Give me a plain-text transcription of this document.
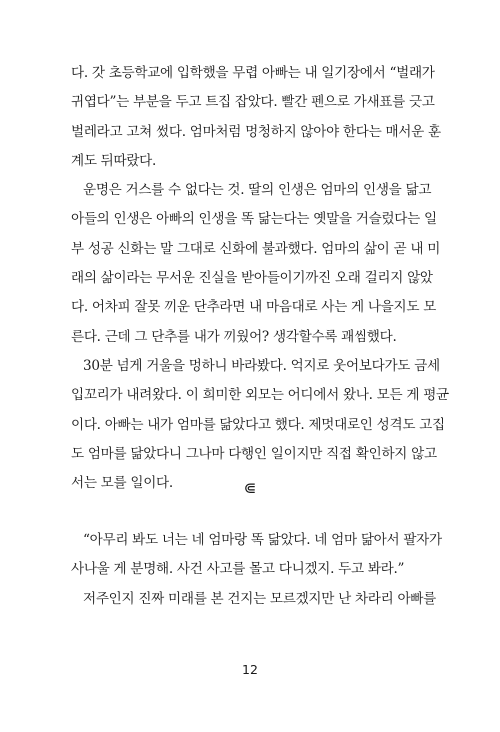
다. 갓 초등학교에 입학했을 무렵 아빠는 내 일기장에서 “벌래가
귀엽다”는 부분을 두고 트집 잡았다. 빨간 펜으로 가새표를 긋고
벌레라고 고쳐 썼다. 엄마처럼 멍청하지 않아야 한다는 매서운 훈
계도 뒤따랐다.
운명은 거스를 수 없다는 것. 딸의 인생은 엄마의 인생을 닮고
아들의 인생은 아빠의 인생을 똑 닮는다는 옛말을 거슬렀다는 일
부 성공 신화는 말 그대로 신화에 불과했다. 엄마의 삶이 곧 내 미
래의 삶이라는 무서운 진실을 받아들이기까진 오래 걸리지 않았
다. 어차피 잘못 끼운 단추라면 내 마음대로 사는 게 나을지도 모
른다. 근데 그 단추를 내가 끼웠어? 생각할수록 괘씸했다.
30분 넘게 거울을 멍하니 바라봤다. 억지로 웃어보다가도 금세
입꼬리가 내려왔다. 이 희미한 외모는 어디에서 왔나. 모든 게 평균
이다. 아빠는 내가 엄마를 닮았다고 했다. 제멋대로인 성격도 고집
도 엄마를 닮았다니 그나마 다행인 일이지만 직접 확인하지 않고
서는 모를 일이다.	⋐
“아무리 봐도 너는 네 엄마랑 똑 닮았다. 네 엄마 닮아서 팔자가
사나울 게 분명해. 사건 사고를 몰고 다니겠지. 두고 봐라.”
저주인지 진짜 미래를 본 건지는 모르겠지만 난 차라리 아빠를
12
